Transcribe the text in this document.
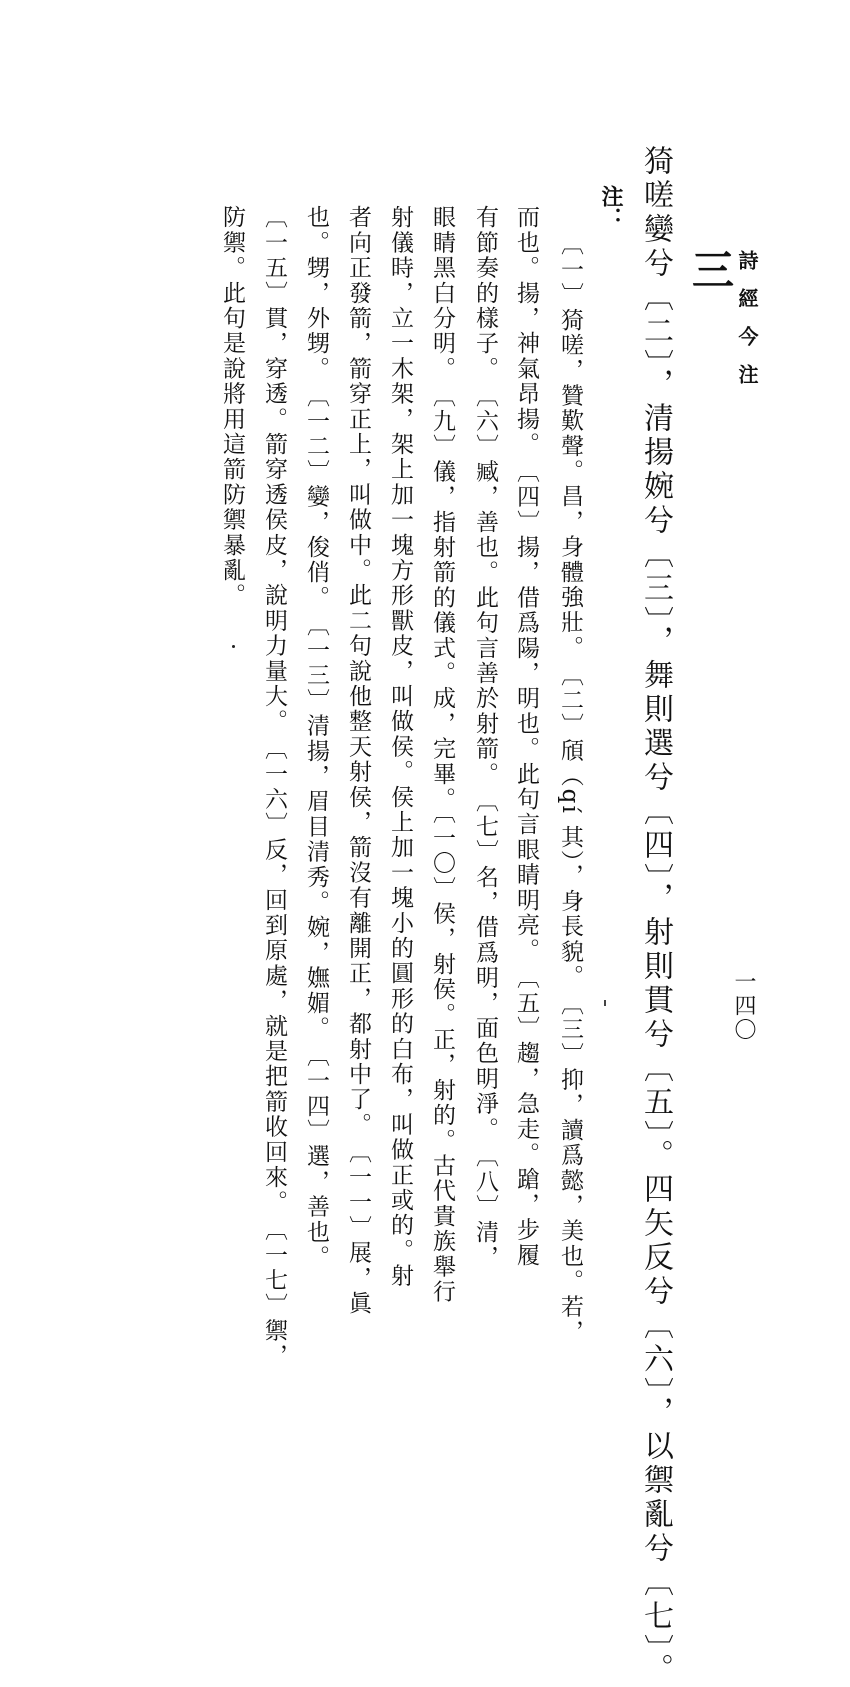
詩經今注
一四〇
三
猗嗟孌兮〔二〕，清揚婉兮〔三〕，舞則選兮〔四〕，射則貫兮〔五〕。四矢反兮〔六〕，以禦亂兮〔七〕。
注：
〔一〕猗嗟，贊歎聲。昌，身體強壯。　〔二〕頎（qí 其），身長貌。　〔三〕抑，讀爲懿，美也。若，
而也。揚，神氣昂揚。　〔四〕揚，借爲陽，明也。此句言眼睛明亮。　〔五〕趨，急走。蹌，步履
有節奏的樣子。　〔六〕臧，善也。此句言善於射箭。　〔七〕名，借爲明，面色明淨。　〔八〕清，
眼睛黑白分明。　〔九〕儀，指射箭的儀式。成，完畢。〔一〇〕侯，射侯。正，射的。古代貴族舉行
射儀時，立一木架，架上加一塊方形獸皮，叫做侯。侯上加一塊小的圓形的白布，叫做正或的。射
者向正發箭，箭穿正上，叫做中。此二句說他整天射侯，箭沒有離開正，都射中了。　〔一一〕展，眞
也。甥，外甥。　〔一二〕孌，俊俏。　〔一三〕清揚，眉目清秀。婉，嫵媚。　〔一四〕選，善也。
〔一五〕貫，穿透。箭穿透侯皮，說明力量大。　〔一六〕反，回到原處，就是把箭收回來。　〔一七〕禦，
防禦。此句是說將用這箭防禦暴亂。
